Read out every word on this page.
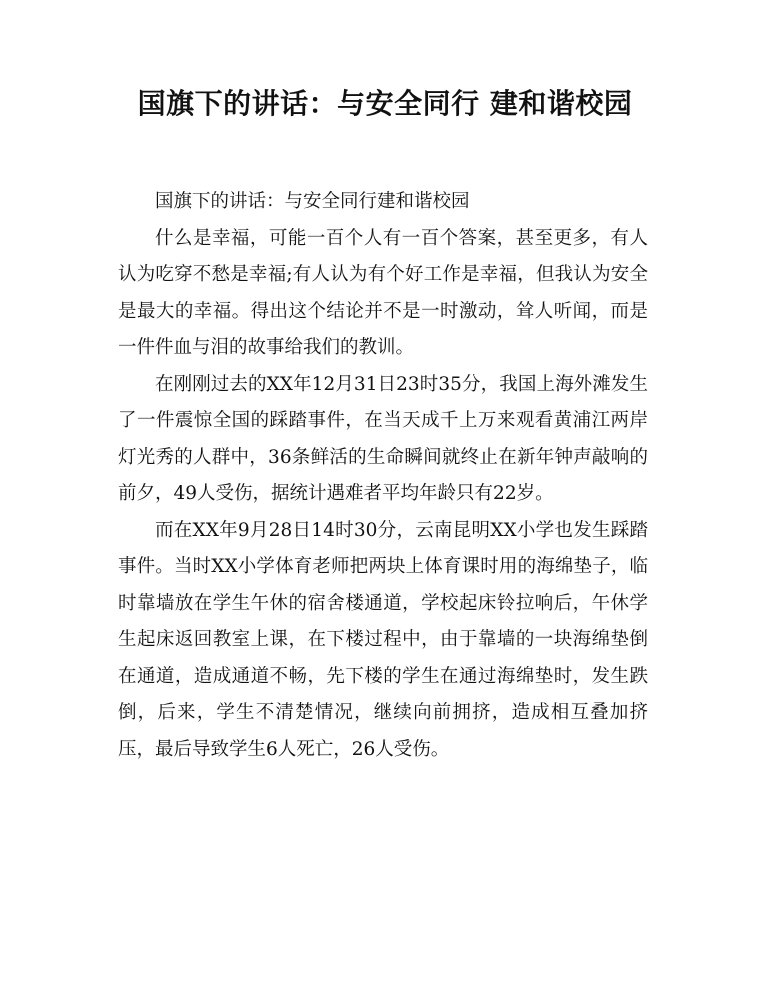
国旗下的讲话：与安全同行 建和谐校园

国旗下的讲话：与安全同行建和谐校园

什么是幸福，可能一百个人有一百个答案，甚至更多，有人认为吃穿不愁是幸福;有人认为有个好工作是幸福，但我认为安全是最大的幸福。得出这个结论并不是一时激动，耸人听闻，而是一件件血与泪的故事给我们的教训。

在刚刚过去的XX年12月31日23时35分，我国上海外滩发生了一件震惊全国的踩踏事件，在当天成千上万来观看黄浦江两岸灯光秀的人群中，36条鲜活的生命瞬间就终止在新年钟声敲响的前夕，49人受伤，据统计遇难者平均年龄只有22岁。

而在XX年9月28日14时30分，云南昆明XX小学也发生踩踏事件。当时XX小学体育老师把两块上体育课时用的海绵垫子，临时靠墙放在学生午休的宿舍楼通道，学校起床铃拉响后，午休学生起床返回教室上课，在下楼过程中，由于靠墙的一块海绵垫倒在通道，造成通道不畅，先下楼的学生在通过海绵垫时，发生跌倒，后来，学生不清楚情况，继续向前拥挤，造成相互叠加挤压，最后导致学生6人死亡，26人受伤。
